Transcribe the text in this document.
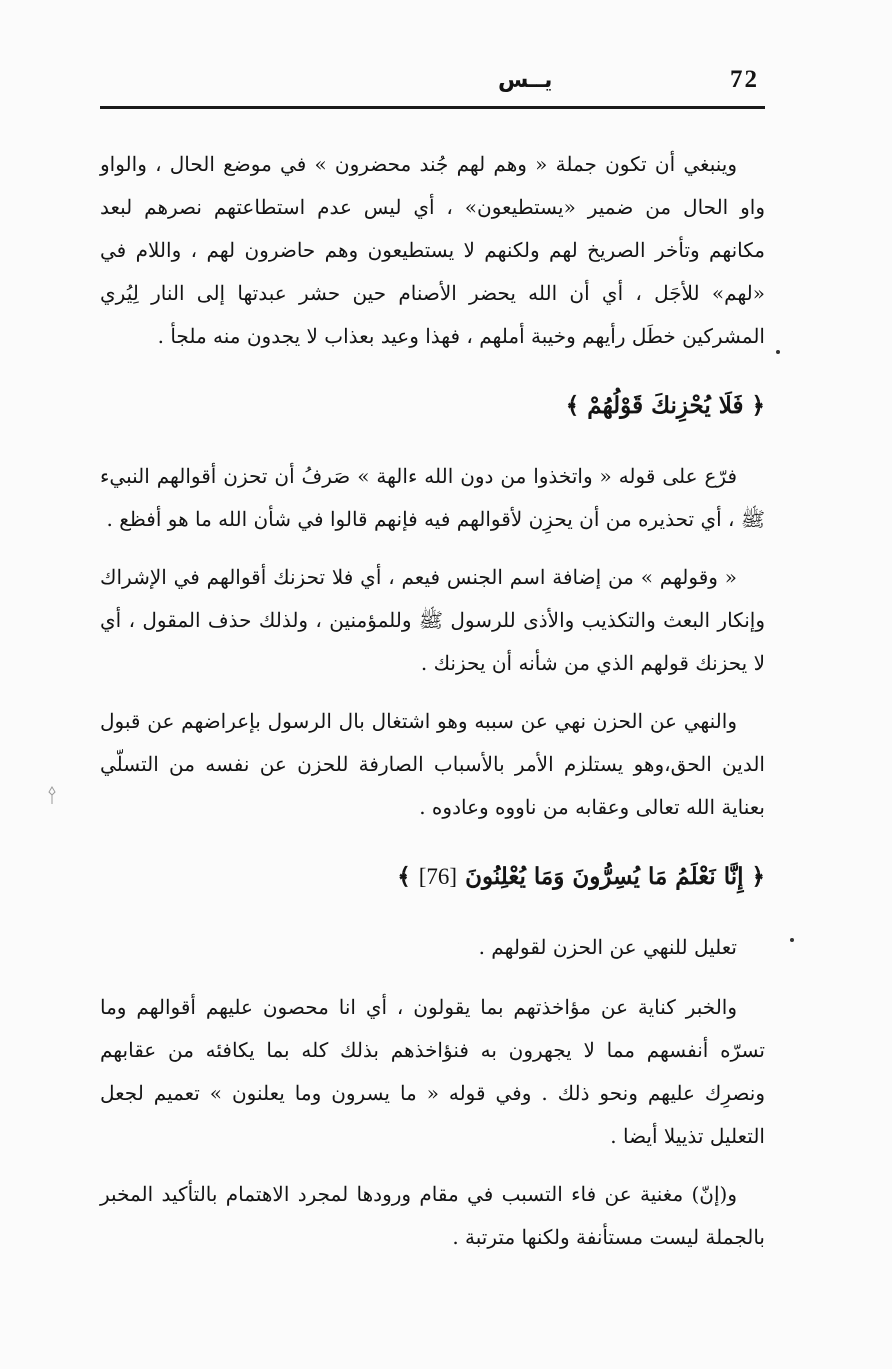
72
يــس

وينبغي أن تكون جملة « وهم لهم جُند محضرون » في موضع الحال ، والواو واو الحال من ضمير «يستطيعون» ، أي ليس عدم استطاعتهم نصرهم لبعد مكانهم وتأخر الصريخ لهم ولكنهم لا يستطيعون وهم حاضرون لهم ، واللام في «لهم» للأجَل ، أي أن الله يحضر الأصنام حين حشر عبدتها إلى النار لِيُري المشركين خطَل رأيهم وخيبة أملهم ، فهذا وعيد بعذاب لا يجدون منه ملجأ .

﴿ فَلَا يُحْزِنكَ قَوْلُهُمْ ﴾

فرّع على قوله « واتخذوا من دون الله ءالهة » صَرفُ أن تحزن أقوالهم النبيء ﷺ ، أي تحذيره من أن يحزِن لأقوالهم فيه فإنهم قالوا في شأن الله ما هو أفظع .

« وقولهم » من إضافة اسم الجنس فيعم ، أي فلا تحزنك أقوالهم في الإشراك وإنكار البعث والتكذيب والأذى للرسول ﷺ وللمؤمنين ، ولذلك حذف المقول ، أي لا يحزنك قولهم الذي من شأنه أن يحزنك .

والنهي عن الحزن نهي عن سببه وهو اشتغال بال الرسول بإعراضهم عن قبول الدين الحق،وهو يستلزم الأمر بالأسباب الصارفة للحزن عن نفسه من التسلّي بعناية الله تعالى وعقابه من ناووه وعادوه .

﴿ إِنَّا نَعْلَمُ مَا يُسِرُّونَ وَمَا يُعْلِنُونَ [76] ﴾

تعليل للنهي عن الحزن لقولهم .

والخبر كناية عن مؤاخذتهم بما يقولون ، أي انا محصون عليهم أقوالهم وما تسرّه أنفسهم مما لا يجهرون به فنؤاخذهم بذلك كله بما يكافئه من عقابهم ونصرِك عليهم ونحو ذلك . وفي قوله « ما يسرون وما يعلنون » تعميم لجعل التعليل تذييلا أيضا .

و(إنّ) مغنية عن فاء التسبب في مقام ورودها لمجرد الاهتمام بالتأكيد المخبر بالجملة ليست مستأنفة ولكنها مترتبة .
